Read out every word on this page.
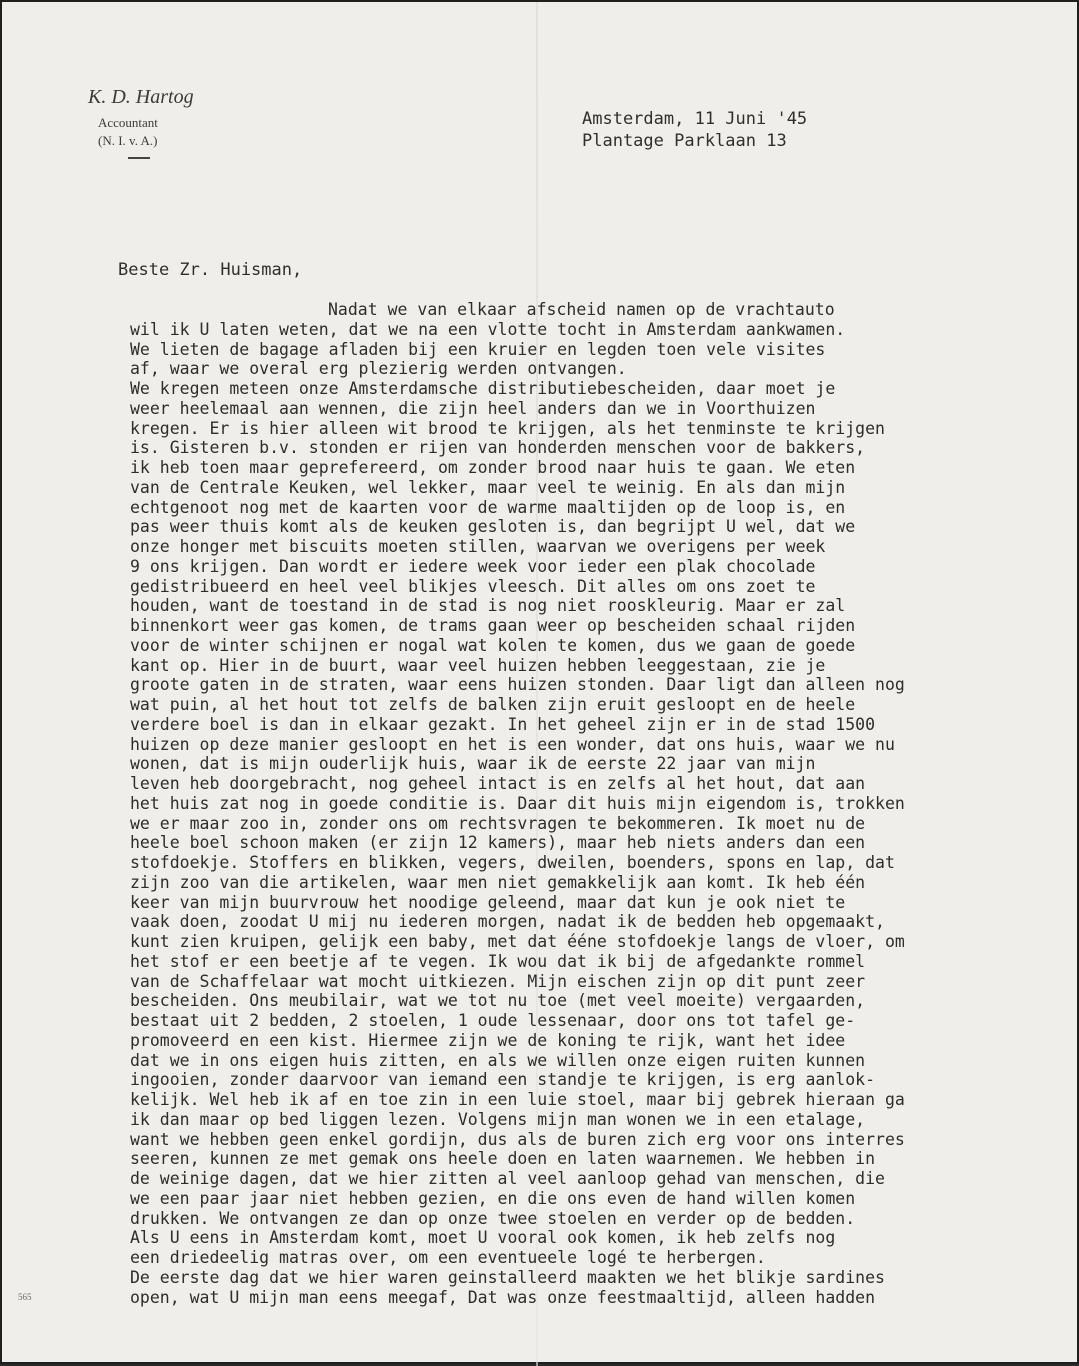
K. D. Hartog
Accountant
(N. I. v. A.)
Amsterdam, 11 Juni '45
Plantage Parklaan 13
Beste Zr. Huisman,
Nadat we van elkaar afscheid namen op de vrachtauto
wil ik U laten weten, dat we na een vlotte tocht in Amsterdam aankwamen.
We lieten de bagage afladen bij een kruier en legden toen vele visites
af, waar we overal erg plezierig werden ontvangen.
We kregen meteen onze Amsterdamsche distributiebescheiden, daar moet je
weer heelemaal aan wennen, die zijn heel anders dan we in Voorthuizen
kregen. Er is hier alleen wit brood te krijgen, als het tenminste te krijgen
is. Gisteren b.v. stonden er rijen van honderden menschen voor de bakkers,
ik heb toen maar geprefereerd, om zonder brood naar huis te gaan. We eten
van de Centrale Keuken, wel lekker, maar veel te weinig. En als dan mijn
echtgenoot nog met de kaarten voor de warme maaltijden op de loop is, en
pas weer thuis komt als de keuken gesloten is, dan begrijpt U wel, dat we
onze honger met biscuits moeten stillen, waarvan we overigens per week
9 ons krijgen. Dan wordt er iedere week voor ieder een plak chocolade
gedistribueerd en heel veel blikjes vleesch. Dit alles om ons zoet te
houden, want de toestand in de stad is nog niet rooskleurig. Maar er zal
binnenkort weer gas komen, de trams gaan weer op bescheiden schaal rijden
voor de winter schijnen er nogal wat kolen te komen, dus we gaan de goede
kant op. Hier in de buurt, waar veel huizen hebben leeggestaan, zie je
groote gaten in de straten, waar eens huizen stonden. Daar ligt dan alleen nog
wat puin, al het hout tot zelfs de balken zijn eruit gesloopt en de heele
verdere boel is dan in elkaar gezakt. In het geheel zijn er in de stad 1500
huizen op deze manier gesloopt en het is een wonder, dat ons huis, waar we nu
wonen, dat is mijn ouderlijk huis, waar ik de eerste 22 jaar van mijn
leven heb doorgebracht, nog geheel intact is en zelfs al het hout, dat aan
het huis zat nog in goede conditie is. Daar dit huis mijn eigendom is, trokken
we er maar zoo in, zonder ons om rechtsvragen te bekommeren. Ik moet nu de
heele boel schoon maken (er zijn 12 kamers), maar heb niets anders dan een
stofdoekje. Stoffers en blikken, vegers, dweilen, boenders, spons en lap, dat
zijn zoo van die artikelen, waar men niet gemakkelijk aan komt. Ik heb één
keer van mijn buurvrouw het noodige geleend, maar dat kun je ook niet te
vaak doen, zoodat U mij nu iederen morgen, nadat ik de bedden heb opgemaakt,
kunt zien kruipen, gelijk een baby, met dat ééne stofdoekje langs de vloer, om
het stof er een beetje af te vegen. Ik wou dat ik bij de afgedankte rommel
van de Schaffelaar wat mocht uitkiezen. Mijn eischen zijn op dit punt zeer
bescheiden. Ons meubilair, wat we tot nu toe (met veel moeite) vergaarden,
bestaat uit 2 bedden, 2 stoelen, 1 oude lessenaar, door ons tot tafel ge-
promoveerd en een kist. Hiermee zijn we de koning te rijk, want het idee
dat we in ons eigen huis zitten, en als we willen onze eigen ruiten kunnen
ingooien, zonder daarvoor van iemand een standje te krijgen, is erg aanlok-
kelijk. Wel heb ik af en toe zin in een luie stoel, maar bij gebrek hieraan ga
ik dan maar op bed liggen lezen. Volgens mijn man wonen we in een etalage,
want we hebben geen enkel gordijn, dus als de buren zich erg voor ons interres
seeren, kunnen ze met gemak ons heele doen en laten waarnemen. We hebben in
de weinige dagen, dat we hier zitten al veel aanloop gehad van menschen, die
we een paar jaar niet hebben gezien, en die ons even de hand willen komen
drukken. We ontvangen ze dan op onze twee stoelen en verder op de bedden.
Als U eens in Amsterdam komt, moet U vooral ook komen, ik heb zelfs nog
een driedeelig matras over, om een eventueele logé te herbergen.
De eerste dag dat we hier waren geinstalleerd maakten we het blikje sardines
open, wat U mijn man eens meegaf, Dat was onze feestmaaltijd, alleen hadden
565
